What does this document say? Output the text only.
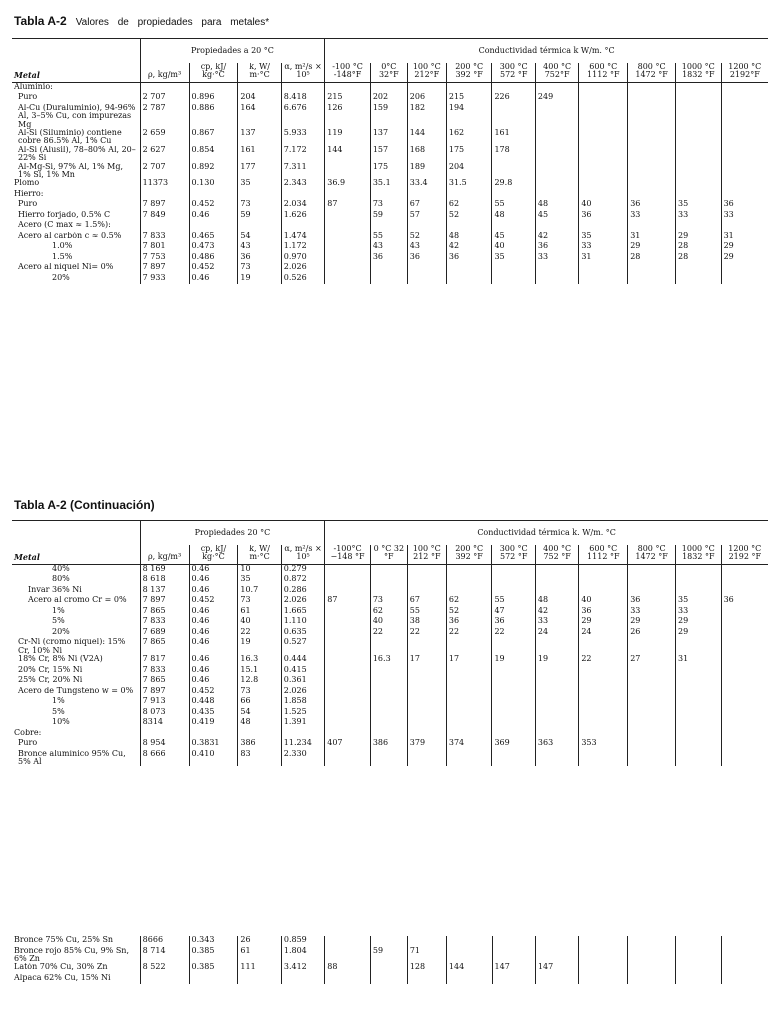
Tabla A-2 Valores de propiedades para metales*
	Propiedades a 20 °C				Conductividad térmica k W/m. °C									
Metal	ρ, kg/m³	cp, kJ/ kg·°C	k, W/ m·°C	α, m²/s × 10⁵	-100 °C -148°F	0°C 32°F	100 °C 212°F	200 °C 392 °F	300 °C 572 °F	400 °C 752°F	600 °C 1112 °F	800 °C 1472 °F	1000 °C 1832 °F	1200 °C 2192°F
Aluminio:														
Puro	2 707	0.896	204	8.418	215	202	206	215	226	249				
Al-Cu (Duraluminio), 94-96% Al, 3–5% Cu, con impurezas Mg	2 787	0.886	164	6.676	126	159	182	194						
Al-Si (Siluminio) contiene cobre 86.5% Al, 1% Cu	2 659	0.867	137	5.933	119	137	144	162	161					
Al-Si (Alusil), 78–80% Al, 20–22% Si	2 627	0.854	161	7.172	144	157	168	175	178					
Al-Mg-Si, 97% Al, 1% Mg, 1% Si, 1% Mn	2 707	0.892	177	7.311		175	189	204						
Plomo	11373	0.130	35	2.343	36.9	35.1	33.4	31.5	29.8					
Hierro:														
Puro	7 897	0.452	73	2.034	87	73	67	62	55	48	40	36	35	36
Hierro forjado, 0.5% C	7 849	0.46	59	1.626		59	57	52	48	45	36	33	33	33
Acero (C max ≈ 1.5%):														
Acero al carbón c ≈ 0.5%	7 833	0.465	54	1.474		55	52	48	45	42	35	31	29	31
1.0%	7 801	0.473	43	1.172		43	43	42	40	36	33	29	28	29
1.5%	7 753	0.486	36	0.970		36	36	36	35	33	31	28	28	29
Acero al níquel Ni= 0%	7 897	0.452	73	2.026										
20%	7 933	0.46	19	0.526										
Tabla A-2 (Continuación)
	Propiedades 20 °C				Conductividad térmica k. W/m. °C									
Metal	ρ, kg/m³	cp, kJ/ kg·°C	k, W/ m·°C	α, m²/s × 10⁵	-100°C −148 °F	0 °C 32 °F	100 °C 212 °F	200 °C 392 °F	300 °C 572 °F	400 °C 752 °F	600 °C 1112 °F	800 °C 1472 °F	1000 °C 1832 °F	1200 °C 2192 °F
40%	8 169	0.46	10	0.279										
80%	8 618	0.46	35	0.872										
Invar 36% Ni	8 137	0.46	10.7	0.286										
Acero al cromo Cr = 0%	7 897	0.452	73	2.026	87	73	67	62	55	48	40	36	35	36
1%	7 865	0.46	61	1.665		62	55	52	47	42	36	33	33	
5%	7 833	0.46	40	1.110		40	38	36	36	33	29	29	29	
20%	7 689	0.46	22	0.635		22	22	22	22	24	24	26	29	
Cr-Ni (cromo níquel): 15% Cr, 10% Ni	7 865	0.46	19	0.527										
18% Cr, 8% Ni (V2A)	7 817	0.46	16.3	0.444		16.3	17	17	19	19	22	27	31	
20% Cr, 15% Ni	7 833	0.46	15.1	0.415										
25% Cr, 20% Ni	7 865	0.46	12.8	0.361										
Acero de Tungsteno w = 0%	7 897	0.452	73	2.026										
1%	7 913	0.448	66	1.858										
5%	8 073	0.435	54	1.525										
10%	8314	0.419	48	1.391										
Cobre:														
Puro	8 954	0.3831	386	11.234	407	386	379	374	369	363	353			
Bronce alumínico 95% Cu, 5% Al	8 666	0.410	83	2.330										
Bronce 75% Cu, 25% Sn	8666	0.343	26	0.859										
Bronce rojo 85% Cu, 9% Sn, 6% Zn	8 714	0.385	61	1.804		59	71							
Latón 70% Cu, 30% Zn	8 522	0.385	111	3.412	88		128	144	147	147				
Alpaca 62% Cu, 15% Ni														
